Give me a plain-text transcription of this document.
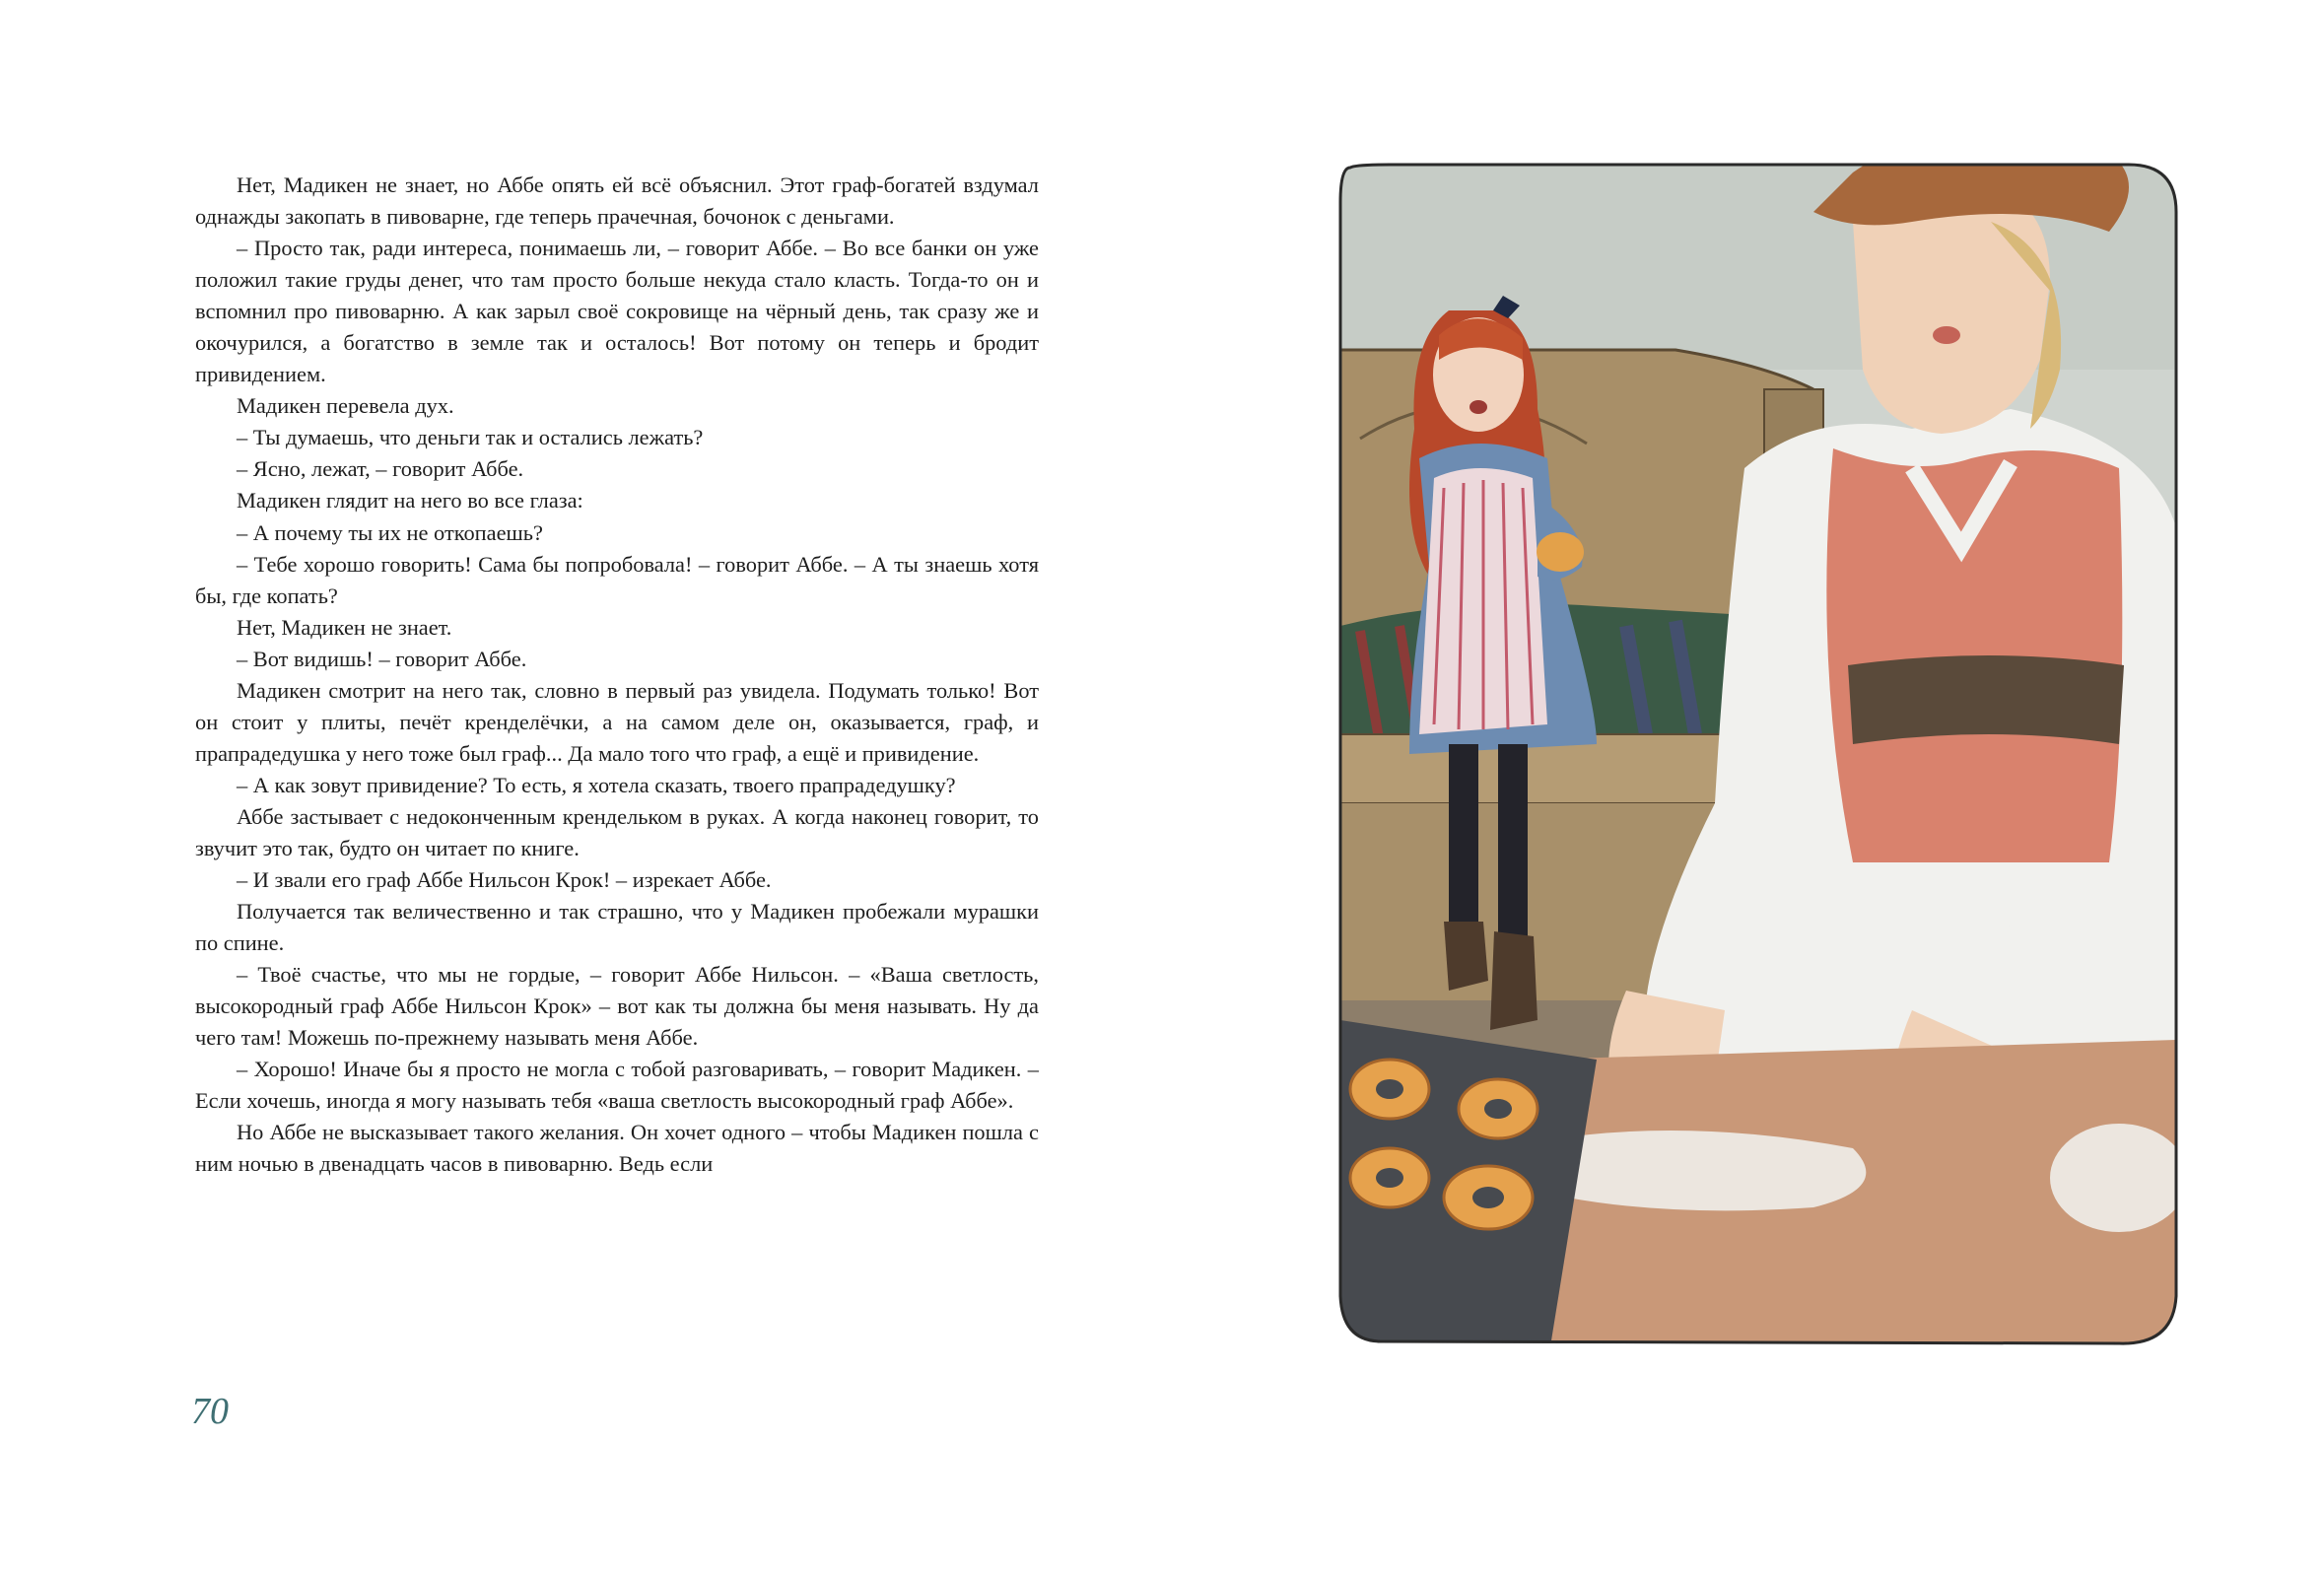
Нет, Мадикен не знает, но Аббе опять ей всё объяснил. Этот граф-богатей вздумал однажды закопать в пивоварне, где теперь прачечная, бочонок с деньгами.

– Просто так, ради интереса, понимаешь ли, – говорит Аббе. – Во все банки он уже положил такие груды денег, что там просто больше некуда стало класть. Тогда-то он и вспомнил про пивоварню. А как зарыл своё сокровище на чёрный день, так сразу же и окочурился, а богатство в земле так и осталось! Вот потому он теперь и бродит привидением.

Мадикен перевела дух.

– Ты думаешь, что деньги так и остались лежать?

– Ясно, лежат, – говорит Аббе.

Мадикен глядит на него во все глаза:

– А почему ты их не откопаешь?

– Тебе хорошо говорить! Сама бы попробовала! – говорит Аббе. – А ты знаешь хотя бы, где копать?

Нет, Мадикен не знает.

– Вот видишь! – говорит Аббе.

Мадикен смотрит на него так, словно в первый раз увидела. Подумать только! Вот он стоит у плиты, печёт кренделёчки, а на самом деле он, оказывается, граф, и прапрадедушка у него тоже был граф... Да мало того что граф, а ещё и привидение.

– А как зовут привидение? То есть, я хотела сказать, твоего прапрадедушку?

Аббе застывает с недоконченным крендельком в руках. А когда наконец говорит, то звучит это так, будто он читает по книге.

– И звали его граф Аббе Нильсон Крок! – изрекает Аббе.

Получается так величественно и так страшно, что у Мадикен пробежали мурашки по спине.

– Твоё счастье, что мы не гордые, – говорит Аббе Нильсон. – «Ваша светлость, высокородный граф Аббе Нильсон Крок» – вот как ты должна бы меня называть. Ну да чего там! Можешь по-прежнему называть меня Аббе.

– Хорошо! Иначе бы я просто не могла с тобой разговаривать, – говорит Мадикен. – Если хочешь, иногда я могу называть тебя «ваша светлость высокородный граф Аббе».

Но Аббе не высказывает такого желания. Он хочет одного – чтобы Мадикен пошла с ним ночью в двенадцать часов в пивоварню. Ведь если

70
